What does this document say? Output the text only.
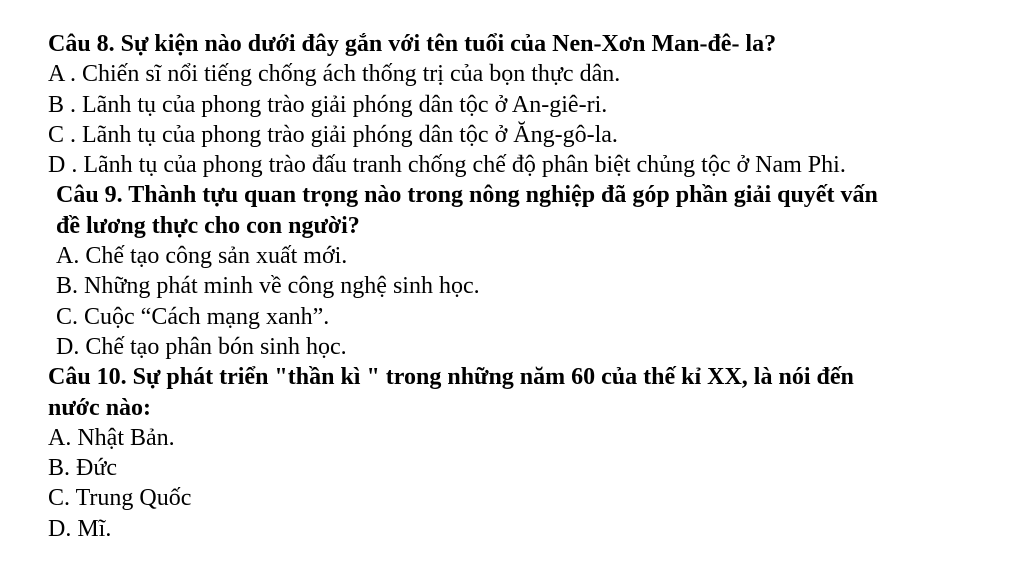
Câu 8. Sự kiện nào dưới đây gắn với tên tuổi của Nen-Xơn Man-đê- la?
A . Chiến sĩ nổi tiếng chống ách thống trị của bọn thực dân.
B . Lãnh tụ của phong trào giải phóng dân tộc ở An-giê-ri.
C . Lãnh tụ của phong trào giải phóng dân tộc ở Ăng-gô-la.
D . Lãnh tụ của phong trào đấu tranh chống chế độ phân biệt chủng tộc ở Nam Phi.
Câu 9. Thành tựu quan trọng nào trong nông nghiệp đã góp phần giải quyết vấn
đề lương thực cho con người?
A. Chế tạo công sản xuất mới.
B. Những phát minh về công nghệ sinh học.
C. Cuộc “Cách mạng xanh”.
D. Chế tạo phân bón sinh học.
Câu 10. Sự phát triển "thần kì " trong những năm 60 của thế kỉ XX, là nói đến
nước nào:
A. Nhật Bản.
B. Đức
C. Trung Quốc
D. Mĩ.
